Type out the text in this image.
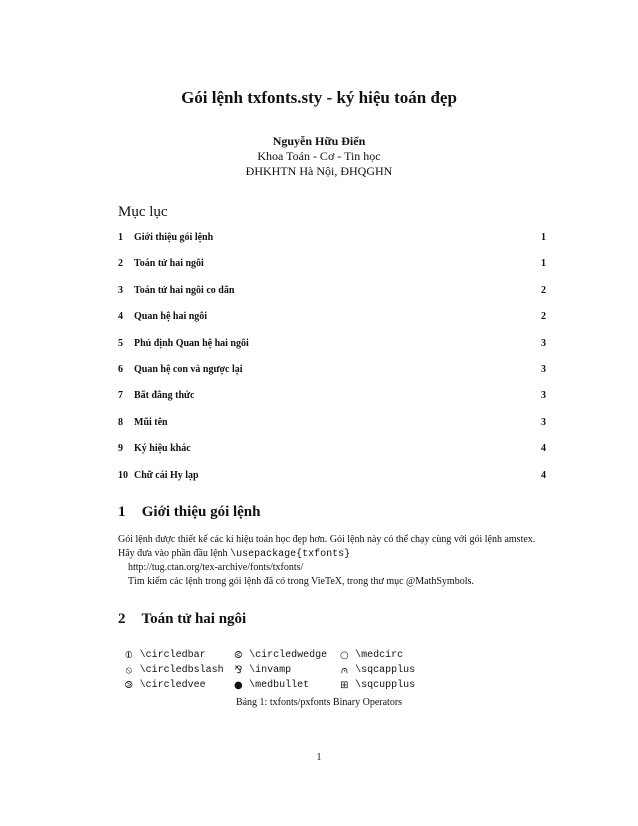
Gói lệnh txfonts.sty - ký hiệu toán đẹp
Nguyễn Hữu Điển
Khoa Toán - Cơ - Tin học
ĐHKHTN Hà Nội, ĐHQGHN
Mục lục
1	Giới thiệu gói lệnh	1
2	Toán tử hai ngôi	1
3	Toán tử hai ngôi co dãn	2
4	Quan hệ hai ngôi	2
5	Phủ định Quan hệ hai ngôi	3
6	Quan hệ con và ngược lại	3
7	Bất đẳng thức	3
8	Mũi tên	3
9	Ký hiệu khác	4
10 Chữ cái Hy lạp	4
1 Giới thiệu gói lệnh
Gói lệnh được thiết kế các kí hiệu toán học đẹp hơn. Gói lệnh này có thể chạy cùng với gói lệnh amstex. Hãy đưa vào phần đầu lệnh \usepackage{txfonts}
http://tug.ctan.org/tex-archive/fonts/txfonts/
Tìm kiếm các lệnh trong gói lệnh đã có trong VieTeX, trong thư mục @MathSymbols.
2 Toán tử hai ngôi
⦶ \circledbar	⧀ \circledwedge	○ \medcirc
⦸ \circledbslash	⅋ \invamp	⩀ \sqcapplus
⧁ \circledvee	● \medbullet	⊞ \sqcupplus
Bảng 1: txfonts/pxfonts Binary Operators
1
